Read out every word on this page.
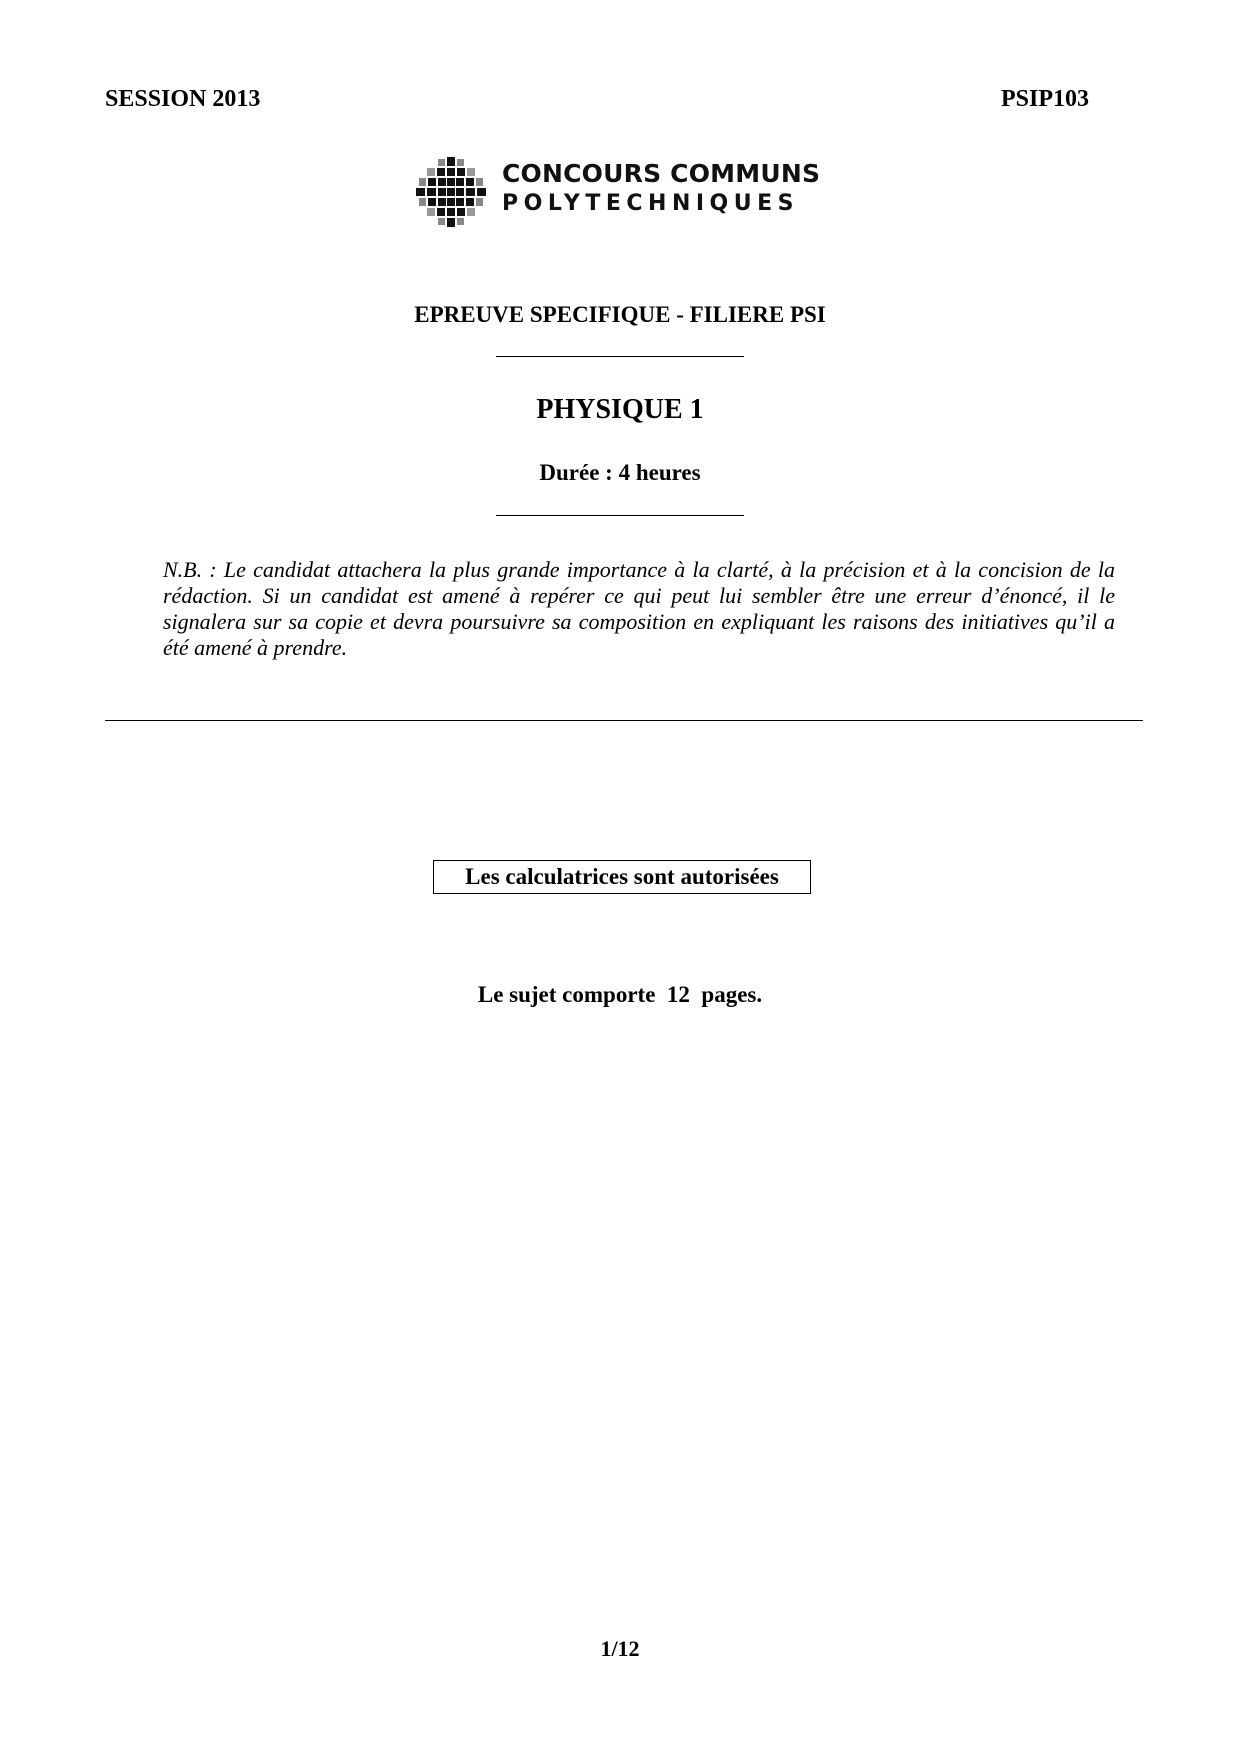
SESSION 2013	PSIP103
CONCOURS COMMUNS
POLYTECHNIQUES
EPREUVE SPECIFIQUE - FILIERE PSI
PHYSIQUE 1
Durée : 4 heures
N.B. : Le candidat attachera la plus grande importance à la clarté, à la précision et à la concision de la rédaction. Si un candidat est amené à repérer ce qui peut lui sembler être une erreur d’énoncé, il le signalera sur sa copie et devra poursuivre sa composition en expliquant les raisons des initiatives qu’il a été amené à prendre.
Les calculatrices sont autorisées
Le sujet comporte  12  pages.
1/12
